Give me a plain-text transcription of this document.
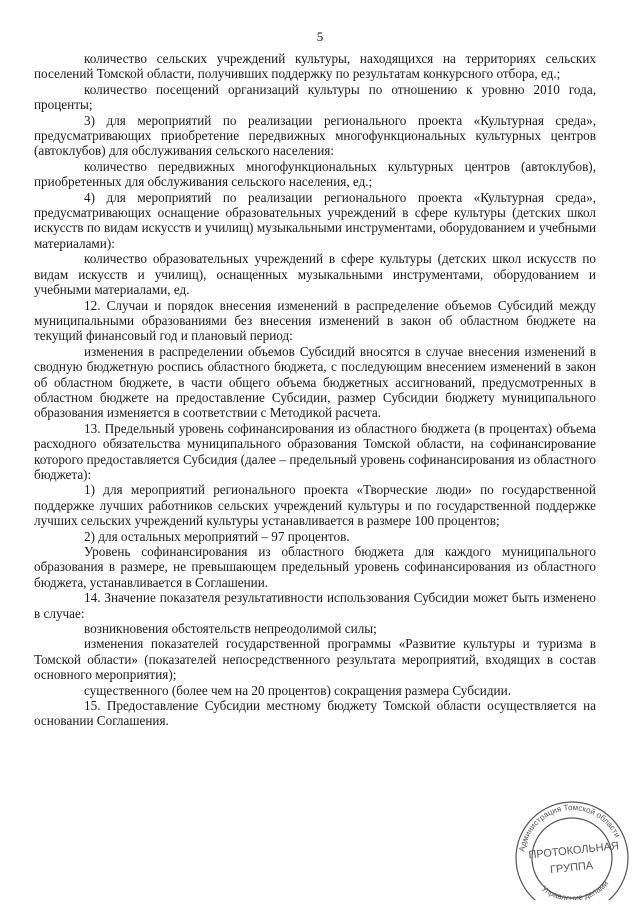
5

количество сельских учреждений культуры, находящихся на территориях сельских поселений Томской области, получивших поддержку по результатам конкурсного отбора, ед.;

количество посещений организаций культуры по отношению к уровню 2010 года, проценты;

3) для мероприятий по реализации регионального проекта «Культурная среда», предусматривающих приобретение передвижных многофункциональных культурных центров (автоклубов) для обслуживания сельского населения:

количество передвижных многофункциональных культурных центров (автоклубов), приобретенных для обслуживания сельского населения, ед.;

4) для мероприятий по реализации регионального проекта «Культурная среда», предусматривающих оснащение образовательных учреждений в сфере культуры (детских школ искусств по видам искусств и училищ) музыкальными инструментами, оборудованием и учебными материалами):

количество образовательных учреждений в сфере культуры (детских школ искусств по видам искусств и училищ), оснащенных музыкальными инструментами, оборудованием и учебными материалами, ед.

12. Случаи и порядок внесения изменений в распределение объемов Субсидий между муниципальными образованиями без внесения изменений в закон об областном бюджете на текущий финансовый год и плановый период:

изменения в распределении объемов Субсидий вносятся в случае внесения изменений в сводную бюджетную роспись областного бюджета, с последующим внесением изменений в закон об областном бюджете, в части общего объема бюджетных ассигнований, предусмотренных в областном бюджете на предоставление Субсидии, размер Субсидии бюджету муниципального образования изменяется в соответствии с Методикой расчета.

13. Предельный уровень софинансирования из областного бюджета (в процентах) объема расходного обязательства муниципального образования Томской области, на софинансирование которого предоставляется Субсидия (далее – предельный уровень софинансирования из областного бюджета):

1) для мероприятий регионального проекта «Творческие люди» по государственной поддержке лучших работников сельских учреждений культуры и по государственной поддержке лучших сельских учреждений культуры устанавливается в размере 100 процентов;

2) для остальных мероприятий – 97 процентов.

Уровень софинансирования из областного бюджета для каждого муниципального образования в размере, не превышающем предельный уровень софинансирования из областного бюджета, устанавливается в Соглашении.

14. Значение показателя результативности использования Субсидии может быть изменено в случае:

возникновения обстоятельств непреодолимой силы;

изменения показателей государственной программы «Развитие культуры и туризма в Томской области» (показателей непосредственного результата мероприятий, входящих в состав основного мероприятия);

существенного (более чем на 20 процентов) сокращения размера Субсидии.

15. Предоставление Субсидии местному бюджету Томской области осуществляется на основании Соглашения.

Администрация Томской области
Управление делами
ПРОТОКОЛЬНАЯ
ГРУППА
